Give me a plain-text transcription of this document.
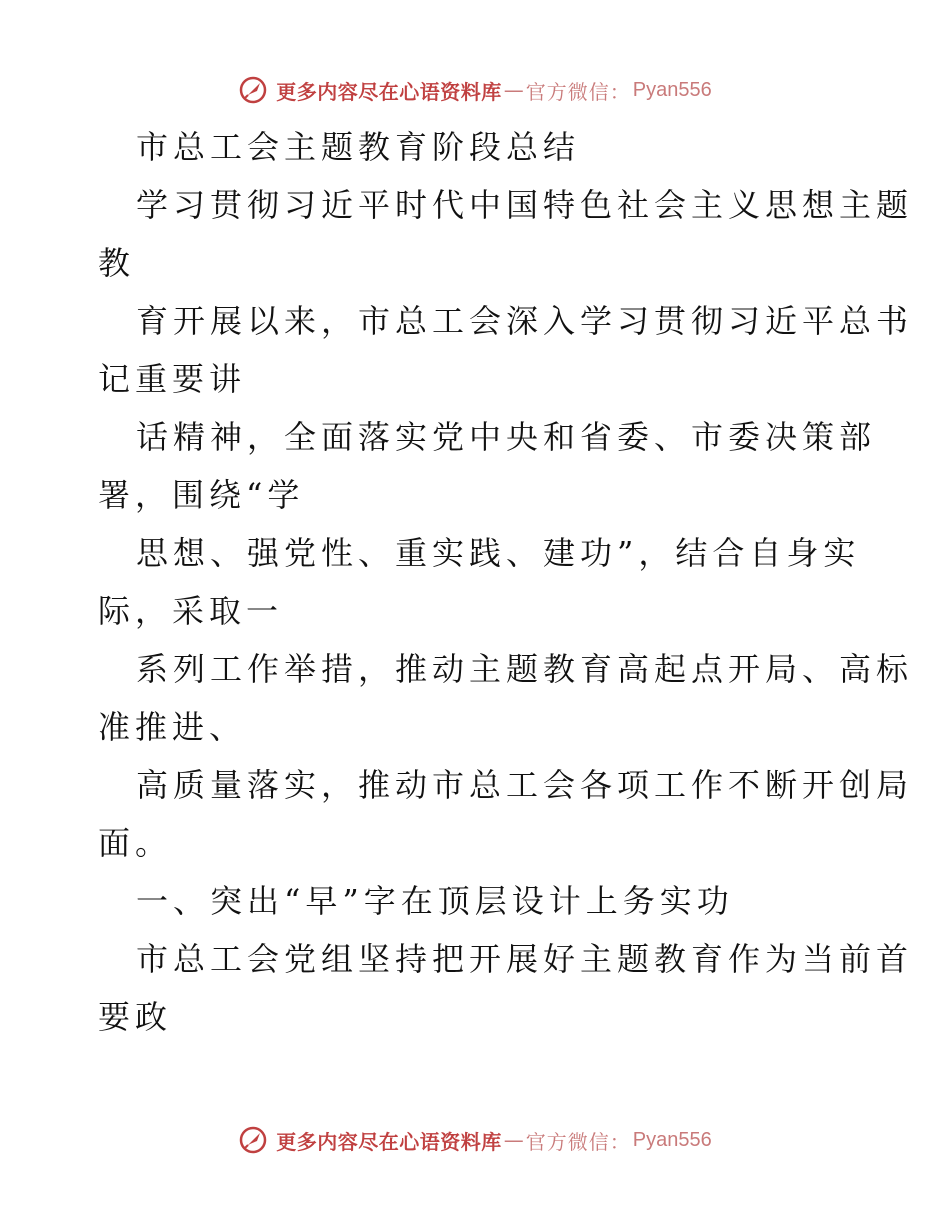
更多内容尽在心语资料库 — 官方微信： Pyan556
市总工会主题教育阶段总结
学习贯彻习近平时代中国特色社会主义思想主题
教
育开展以来，市总工会深入学习贯彻习近平总书
记重要讲
话精神，全面落实党中央和省委、市委决策部
署，围绕“学
思想、强党性、重实践、建功”，结合自身实
际，采取一
系列工作举措，推动主题教育高起点开局、高标
准推进、
高质量落实，推动市总工会各项工作不断开创局
面。
一、突出“早”字在顶层设计上务实功
市总工会党组坚持把开展好主题教育作为当前首
要政
更多内容尽在心语资料库 — 官方微信： Pyan556
